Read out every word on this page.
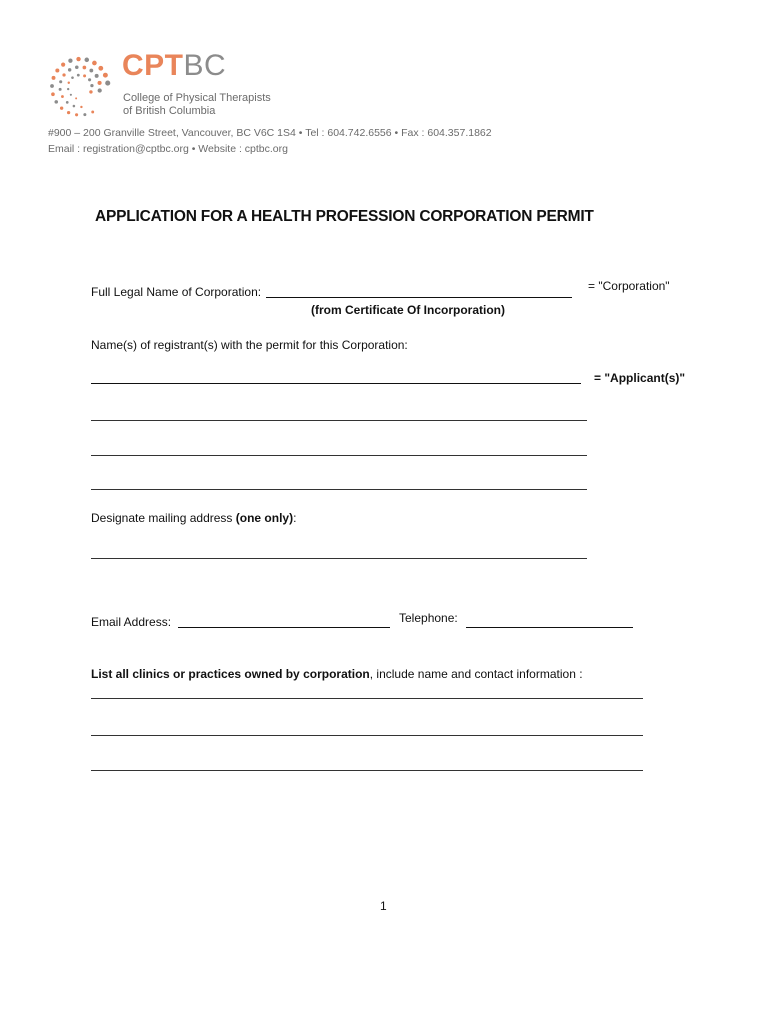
CPTBC
College of Physical Therapists
of British Columbia
#900 – 200 Granville Street, Vancouver, BC V6C 1S4 • Tel : 604.742.6556 • Fax : 604.357.1862
Email : registration@cptbc.org • Website : cptbc.org
APPLICATION FOR A HEALTH PROFESSION CORPORATION PERMIT
Full Legal Name of Corporation:	= "Corporation"
(from Certificate Of Incorporation)
Name(s) of registrant(s) with the permit for this Corporation:
= "Applicant(s)"
Designate mailing address (one only):
Email Address:	Telephone:
List all clinics or practices owned by corporation, include name and contact information :
1
